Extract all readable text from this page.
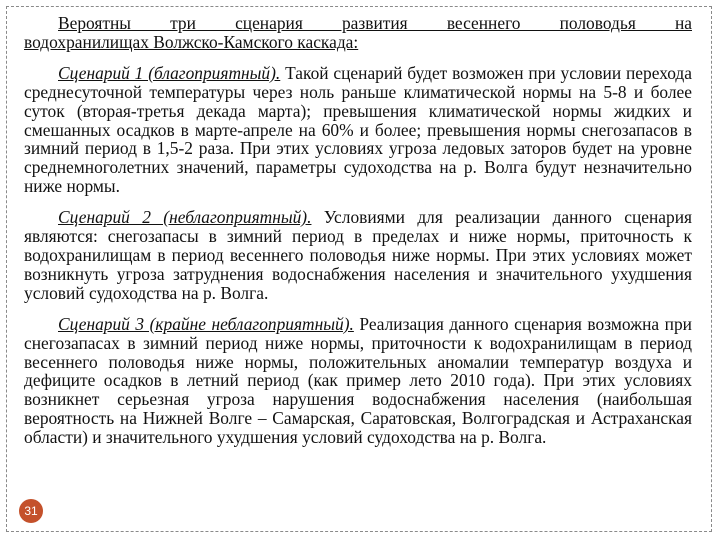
Вероятны три сценария развития весеннего половодья на
водохранилищах Волжско-Камского каскада:

Сценарий 1 (благоприятный). Такой сценарий будет возможен при условии перехода среднесуточной температуры через ноль раньше климатической нормы на 5-8 и более суток (вторая-третья декада марта); превышения климатической нормы жидких и смешанных осадков в марте-апреле на 60% и более; превышения нормы снегозапасов в зимний период в 1,5-2 раза. При этих условиях угроза ледовых заторов будет на уровне среднемноголетних значений, параметры судоходства на р. Волга будут незначительно ниже нормы.

Сценарий 2 (неблагоприятный). Условиями для реализации данного сценария являются: снегозапасы в зимний период в пределах и ниже нормы, приточность к водохранилищам в период весеннего половодья ниже нормы. При этих условиях может возникнуть угроза затруднения водоснабжения населения и значительного ухудшения условий судоходства на р. Волга.

Сценарий 3 (крайне неблагоприятный). Реализация данного сценария возможна при снегозапасах в зимний период ниже нормы, приточности к водохранилищам в период весеннего половодья ниже нормы, положительных аномалии температур воздуха и дефиците осадков в летний период (как пример лето 2010 года). При этих условиях возникнет серьезная угроза нарушения водоснабжения населения (наибольшая вероятность на Нижней Волге – Самарская, Саратовская, Волгоградская и Астраханская области) и значительного ухудшения условий судоходства на р. Волга.

31
